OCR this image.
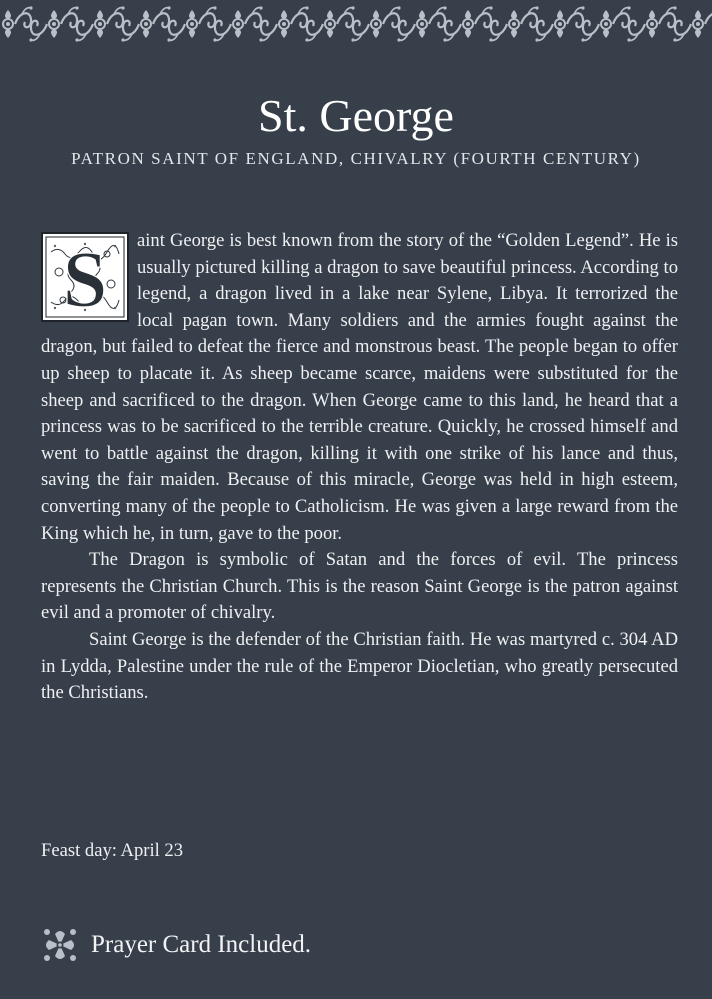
St. George
PATRON SAINT OF ENGLAND, CHIVALRY (FOURTH CENTURY)

S aint George is best known from the story of the “Golden Legend”. He is usually pictured killing a dragon to save beautiful princess. According to legend, a dragon lived in a lake near Sylene, Libya. It terrorized the local pagan town. Many soldiers and the armies fought against the dragon, but failed to defeat the fierce and monstrous beast. The people began to offer up sheep to placate it. As sheep became scarce, maidens were substituted for the sheep and sacrificed to the dragon. When George came to this land, he heard that a princess was to be sacrificed to the terrible creature. Quickly, he crossed himself and went to battle against the dragon, killing it with one strike of his lance and thus, saving the fair maiden. Because of this miracle, George was held in high esteem, converting many of the people to Catholicism. He was given a large reward from the King which he, in turn, gave to the poor.

The Dragon is symbolic of Satan and the forces of evil. The princess represents the Christian Church. This is the reason Saint George is the patron against evil and a promoter of chivalry.

Saint George is the defender of the Christian faith. He was martyred c. 304 AD in Lydda, Palestine under the rule of the Emperor Diocletian, who greatly persecuted the Christians.

Feast day: April 23
Prayer Card Included.
